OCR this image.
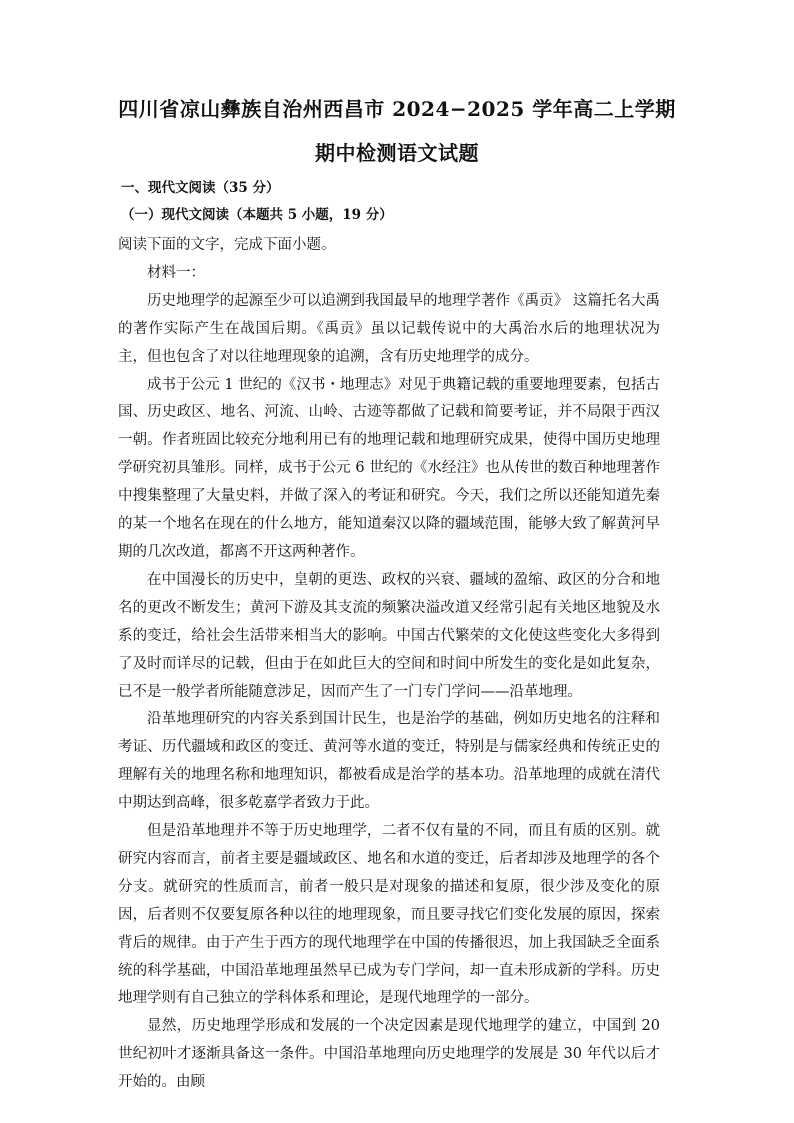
四川省凉山彝族自治州西昌市 2024−2025 学年高二上学期
期中检测语文试题
一、现代文阅读（35 分）
（一）现代文阅读（本题共 5 小题，19 分）

阅读下面的文字，完成下面小题。

材料一：

历史地理学的起源至少可以追溯到我国最早的地理学著作《禹贡》 这篇托名大禹的著作实际产生在战国后期。《禹贡》虽以记载传说中的大禹治水后的地理状况为主，但也包含了对以往地理现象的追溯，含有历史地理学的成分。

成书于公元 1 世纪的《汉书・地理志》对见于典籍记载的重要地理要素，包括古国、历史政区、地名、河流、山岭、古迹等都做了记载和简要考证，并不局限于西汉一朝。作者班固比较充分地利用已有的地理记载和地理研究成果，使得中国历史地理学研究初具雏形。同样，成书于公元 6 世纪的《水经注》也从传世的数百种地理著作中搜集整理了大量史料，并做了深入的考证和研究。今天，我们之所以还能知道先秦的某一个地名在现在的什么地方，能知道秦汉以降的疆域范围，能够大致了解黄河早期的几次改道，都离不开这两种著作。

在中国漫长的历史中，皇朝的更迭、政权的兴衰、疆域的盈缩、政区的分合和地名的更改不断发生；黄河下游及其支流的频繁决溢改道又经常引起有关地区地貌及水系的变迁，给社会生活带来相当大的影响。中国古代繁荣的文化使这些变化大多得到了及时而详尽的记载，但由于在如此巨大的空间和时间中所发生的变化是如此复杂，已不是一般学者所能随意涉足，因而产生了一门专门学问——沿革地理。

沿革地理研究的内容关系到国计民生，也是治学的基础，例如历史地名的注释和考证、历代疆域和政区的变迁、黄河等水道的变迁，特别是与儒家经典和传统正史的理解有关的地理名称和地理知识，都被看成是治学的基本功。沿革地理的成就在清代中期达到高峰，很多乾嘉学者致力于此。

但是沿革地理并不等于历史地理学，二者不仅有量的不同，而且有质的区别。就研究内容而言，前者主要是疆域政区、地名和水道的变迁，后者却涉及地理学的各个分支。就研究的性质而言，前者一般只是对现象的描述和复原，很少涉及变化的原因，后者则不仅要复原各种以往的地理现象，而且要寻找它们变化发展的原因，探索背后的规律。由于产生于西方的现代地理学在中国的传播很迟，加上我国缺乏全面系统的科学基础，中国沿革地理虽然早已成为专门学问，却一直未形成新的学科。历史地理学则有自己独立的学科体系和理论，是现代地理学的一部分。

显然，历史地理学形成和发展的一个决定因素是现代地理学的建立，中国到 20 世纪初叶才逐渐具备这一条件。中国沿革地理向历史地理学的发展是 30 年代以后才开始的。由顾
